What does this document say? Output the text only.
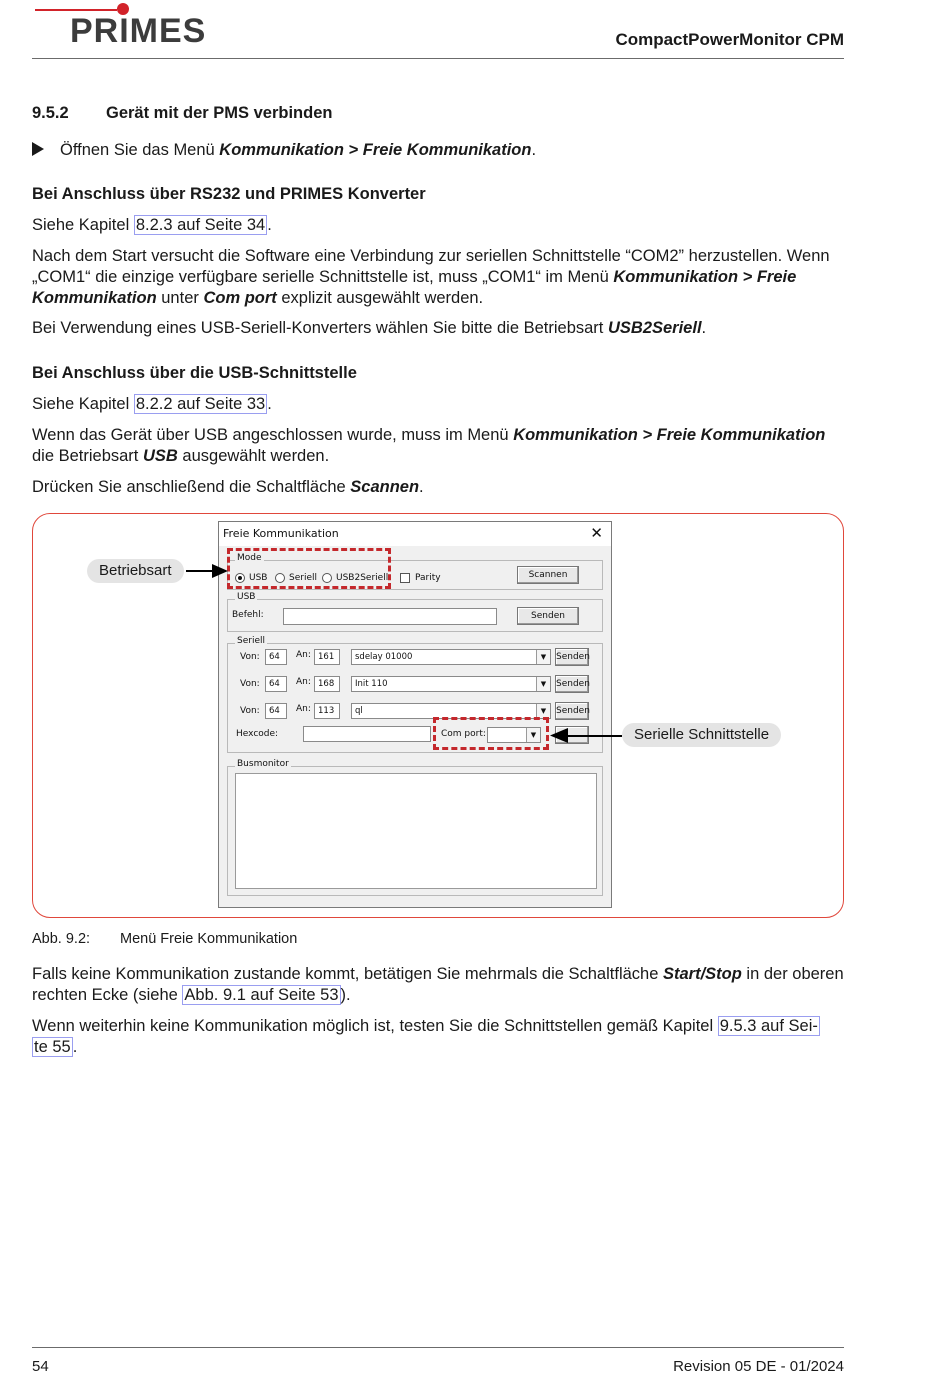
PRIMES	CompactPowerMonitor CPM
9.5.2 Gerät mit der PMS verbinden
Öffnen Sie das Menü Kommunikation > Freie Kommunikation.
Bei Anschluss über RS232 und PRIMES Konverter
Siehe Kapitel 8.2.3 auf Seite 34 .
Nach dem Start versucht die Software eine Verbindung zur seriellen Schnittstelle “COM2” herzustellen. Wenn „COM1“ die einzige verfügbare serielle Schnittstelle ist, muss „COM1“ im Menü Kommunikation > Freie Kommunikation unter Com port explizit ausgewählt werden.
Bei Verwendung eines USB-Seriell-Konverters wählen Sie bitte die Betriebsart USB2Seriell.
Bei Anschluss über die USB-Schnittstelle
Siehe Kapitel 8.2.2 auf Seite 33 .
Wenn das Gerät über USB angeschlossen wurde, muss im Menü Kommunikation > Freie Kommunikation die Betriebsart USB ausgewählt werden.
Drücken Sie anschließend die Schaltfläche Scannen.
Freie Kommunikation	✕
Mode
USB Seriell USB2Seriell	Parity	Scannen
USB
Befehl:	Senden
Seriell
Von:	64	An: 161	sdelay 01000	▼	Senden
Von:	64	An: 168	Init 110	▼	Senden
Von:	64	An: 113	ql	▼	Senden
Hexcode:	Com port:	▼
Busmonitor
Betriebsart
Serielle Schnittstelle
Abb. 9.2: Menü Freie Kommunikation
Falls keine Kommunikation zustande kommt, betätigen Sie mehrmals die Schaltfläche Start/Stop in der oberen rechten Ecke (siehe Abb. 9.1 auf Seite 53 ).
Wenn weiterhin keine Kommunikation möglich ist, testen Sie die Schnittstellen gemäß Kapitel 9.5.3 auf Sei-
te 55 .
54	Revision 05 DE - 01/2024
